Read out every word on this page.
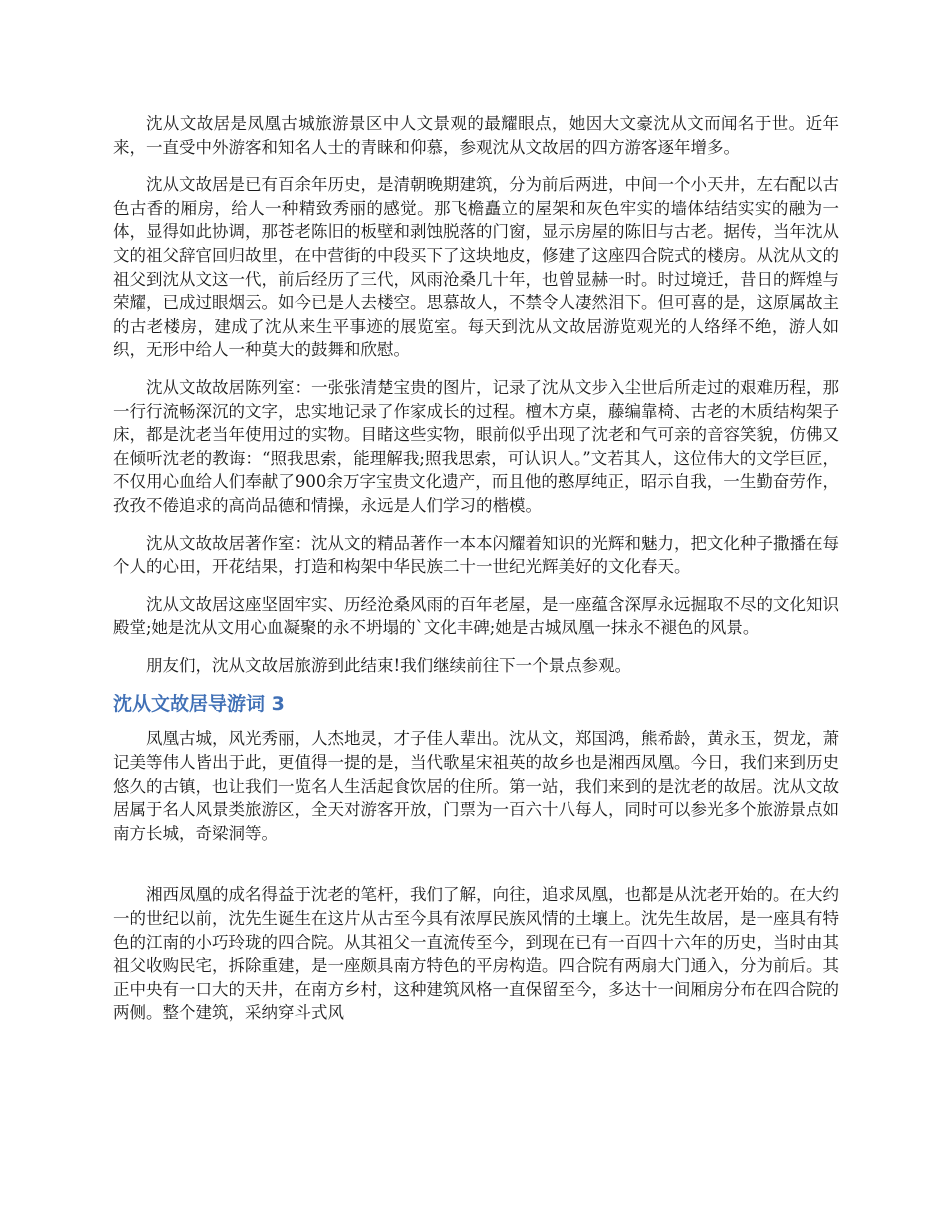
沈从文故居是凤凰古城旅游景区中人文景观的最耀眼点，她因大文豪沈从文而闻名于世。近年来，一直受中外游客和知名人士的青睐和仰慕，参观沈从文故居的四方游客逐年增多。

沈从文故居是已有百余年历史，是清朝晚期建筑，分为前后两进，中间一个小天井，左右配以古色古香的厢房，给人一种精致秀丽的感觉。那飞檐矗立的屋架和灰色牢实的墙体结结实实的融为一体，显得如此协调，那苍老陈旧的板壁和剥蚀脱落的门窗，显示房屋的陈旧与古老。据传，当年沈从文的祖父辞官回归故里，在中营街的中段买下了这块地皮，修建了这座四合院式的楼房。从沈从文的祖父到沈从文这一代，前后经历了三代，风雨沧桑几十年，也曾显赫一时。时过境迁，昔日的辉煌与荣耀，已成过眼烟云。如今已是人去楼空。思慕故人，不禁令人凄然泪下。但可喜的是，这原属故主的古老楼房，建成了沈从来生平事迹的展览室。每天到沈从文故居游览观光的人络绎不绝，游人如织，无形中给人一种莫大的鼓舞和欣慰。

沈从文故故居陈列室：一张张清楚宝贵的图片，记录了沈从文步入尘世后所走过的艰难历程，那一行行流畅深沉的文字，忠实地记录了作家成长的过程。檀木方桌，藤编靠椅、古老的木质结构架子床，都是沈老当年使用过的实物。目睹这些实物，眼前似乎出现了沈老和气可亲的音容笑貌，仿佛又在倾听沈老的教诲：“照我思索，能理解我;照我思索，可认识人。”文若其人，这位伟大的文学巨匠，不仅用心血给人们奉献了900余万字宝贵文化遗产，而且他的憨厚纯正，昭示自我，一生勤奋劳作，孜孜不倦追求的高尚品德和情操，永远是人们学习的楷模。

沈从文故故居著作室：沈从文的精品著作一本本闪耀着知识的光辉和魅力，把文化种子撒播在每个人的心田，开花结果，打造和构架中华民族二十一世纪光辉美好的文化春天。

沈从文故居这座坚固牢实、历经沧桑风雨的百年老屋，是一座蕴含深厚永远掘取不尽的文化知识殿堂;她是沈从文用心血凝聚的永不坍塌的`文化丰碑;她是古城凤凰一抹永不褪色的风景。

朋友们，沈从文故居旅游到此结束!我们继续前往下一个景点参观。

沈从文故居导游词 3

凤凰古城，风光秀丽，人杰地灵，才子佳人辈出。沈从文，郑国鸿，熊希龄，黄永玉，贺龙，萧记美等伟人皆出于此，更值得一提的是，当代歌星宋祖英的故乡也是湘西凤凰。今日，我们来到历史悠久的古镇，也让我们一览名人生活起食饮居的住所。第一站，我们来到的是沈老的故居。沈从文故居属于名人风景类旅游区，全天对游客开放，门票为一百六十八每人，同时可以参光多个旅游景点如南方长城，奇梁洞等。

湘西凤凰的成名得益于沈老的笔杆，我们了解，向往，追求凤凰，也都是从沈老开始的。在大约一的世纪以前，沈先生诞生在这片从古至今具有浓厚民族风情的土壤上。沈先生故居，是一座具有特色的江南的小巧玲珑的四合院。从其祖父一直流传至今，到现在已有一百四十六年的历史，当时由其祖父收购民宅，拆除重建，是一座颇具南方特色的平房构造。四合院有两扇大门通入，分为前后。其正中央有一口大的天井，在南方乡村，这种建筑风格一直保留至今，多达十一间厢房分布在四合院的两侧。整个建筑，采纳穿斗式风
